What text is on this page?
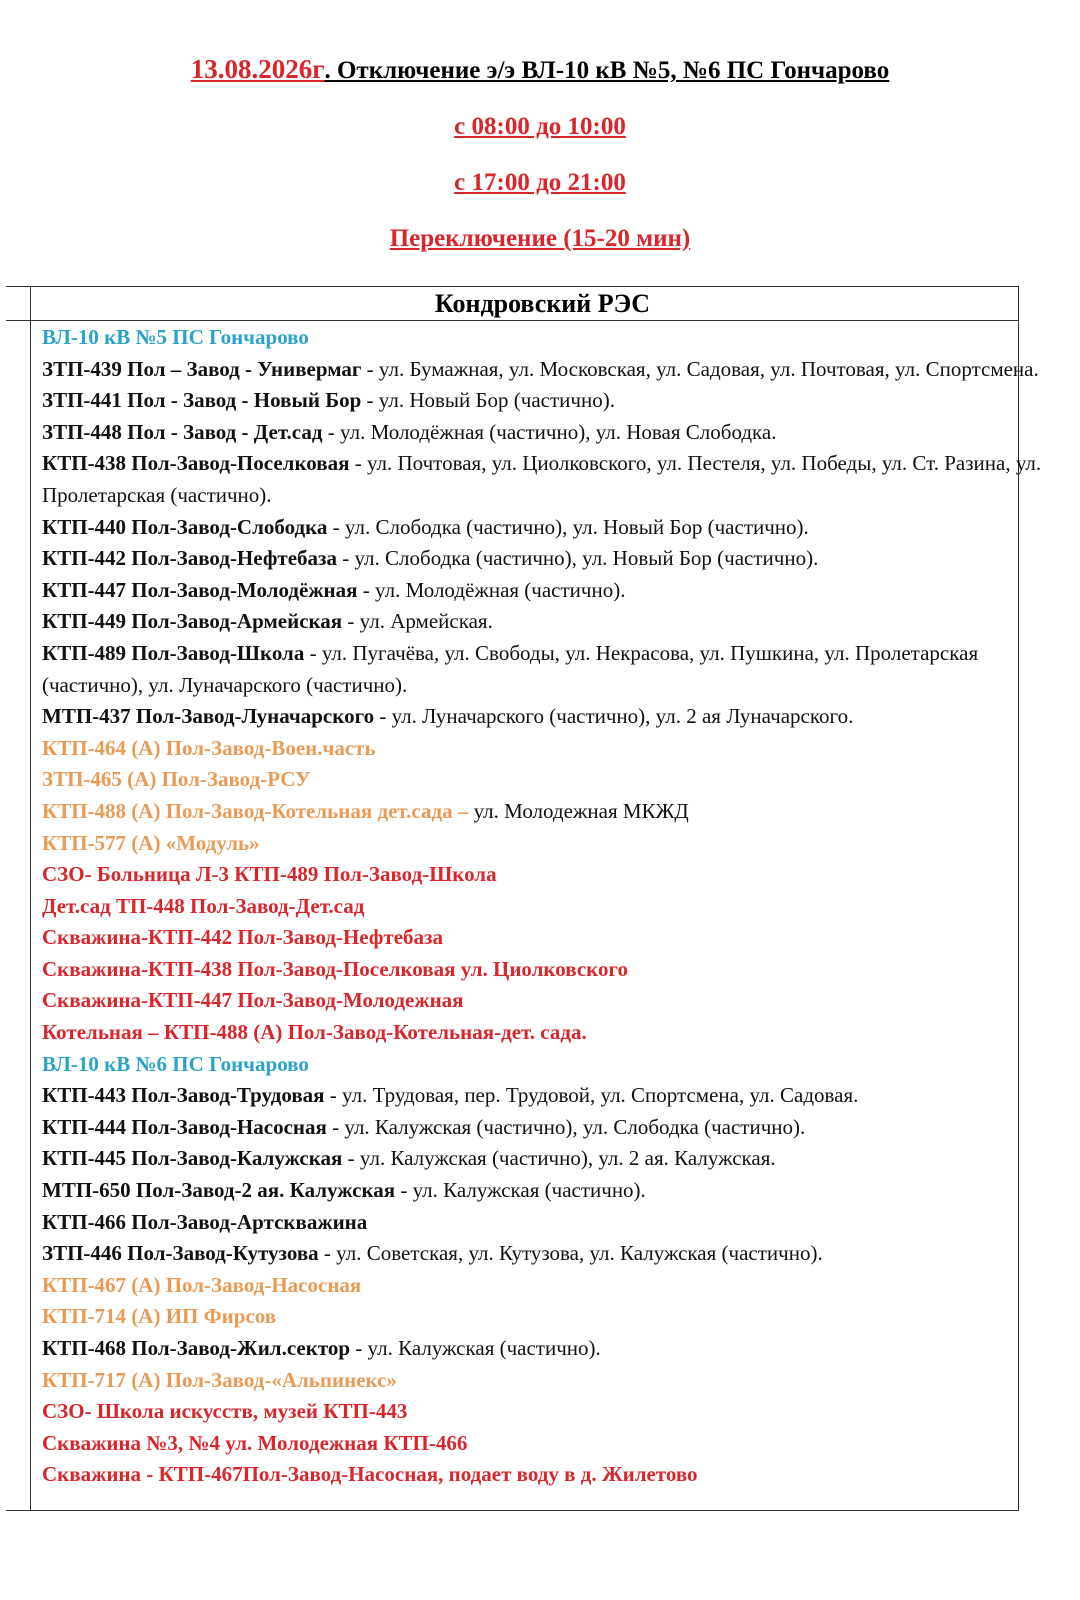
13.08.2026г. Отключение э/э ВЛ-10 кВ №5, №6 ПС Гончарово
с 08:00 до 10:00
с 17:00 до 21:00
Переключение (15-20 мин)
Кондровский РЭС

ВЛ-10 кВ №5 ПС Гончарово

ЗТП-439 Пол – Завод - Универмаг - ул. Бумажная, ул. Московская, ул. Садовая, ул. Почтовая, ул. Спортсмена.

ЗТП-441 Пол - Завод - Новый Бор - ул. Новый Бор (частично).

ЗТП-448 Пол - Завод - Дет.сад - ул. Молодёжная (частично), ул. Новая Слободка.

КТП-438 Пол-Завод-Поселковая - ул. Почтовая, ул. Циолковского, ул. Пестеля, ул. Победы, ул. Ст. Разина, ул. Пролетарская (частично).

КТП-440 Пол-Завод-Слободка - ул. Слободка (частично), ул. Новый Бор (частично).

КТП-442 Пол-Завод-Нефтебаза - ул. Слободка (частично), ул. Новый Бор (частично).

КТП-447 Пол-Завод-Молодёжная - ул. Молодёжная (частично).

КТП-449 Пол-Завод-Армейская - ул. Армейская.

КТП-489 Пол-Завод-Школа - ул. Пугачёва, ул. Свободы, ул. Некрасова, ул. Пушкина, ул. Пролетарская (частично), ул. Луначарского (частично).

МТП-437 Пол-Завод-Луначарского - ул. Луначарского (частично), ул. 2 ая Луначарского.

КТП-464 (А) Пол-Завод-Воен.часть

ЗТП-465 (А) Пол-Завод-РСУ

КТП-488 (А) Пол-Завод-Котельная дет.сада – ул. Молодежная МКЖД

КТП-577 (А) «Модуль»

СЗО- Больница Л-3 КТП-489 Пол-Завод-Школа

Дет.сад ТП-448 Пол-Завод-Дет.сад

Скважина-КТП-442 Пол-Завод-Нефтебаза

Скважина-КТП-438 Пол-Завод-Поселковая ул. Циолковского

Скважина-КТП-447 Пол-Завод-Молодежная

Котельная – КТП-488 (А) Пол-Завод-Котельная-дет. сада.

ВЛ-10 кВ №6 ПС Гончарово

КТП-443 Пол-Завод-Трудовая - ул. Трудовая, пер. Трудовой, ул. Спортсмена, ул. Садовая.

КТП-444 Пол-Завод-Насосная - ул. Калужская (частично), ул. Слободка (частично).

КТП-445 Пол-Завод-Калужская - ул. Калужская (частично), ул. 2 ая. Калужская.

МТП-650 Пол-Завод-2 ая. Калужская - ул. Калужская (частично).

КТП-466 Пол-Завод-Артскважина

ЗТП-446 Пол-Завод-Кутузова - ул. Советская, ул. Кутузова, ул. Калужская (частично).

КТП-467 (А) Пол-Завод-Насосная

КТП-714 (А) ИП Фирсов

КТП-468 Пол-Завод-Жил.сектор - ул. Калужская (частично).

КТП-717 (А) Пол-Завод-«Альпинекс»

СЗО- Школа искусств, музей КТП-443

Скважина №3, №4 ул. Молодежная КТП-466

Скважина - КТП-467Пол-Завод-Насосная, подает воду в д. Жилетово
